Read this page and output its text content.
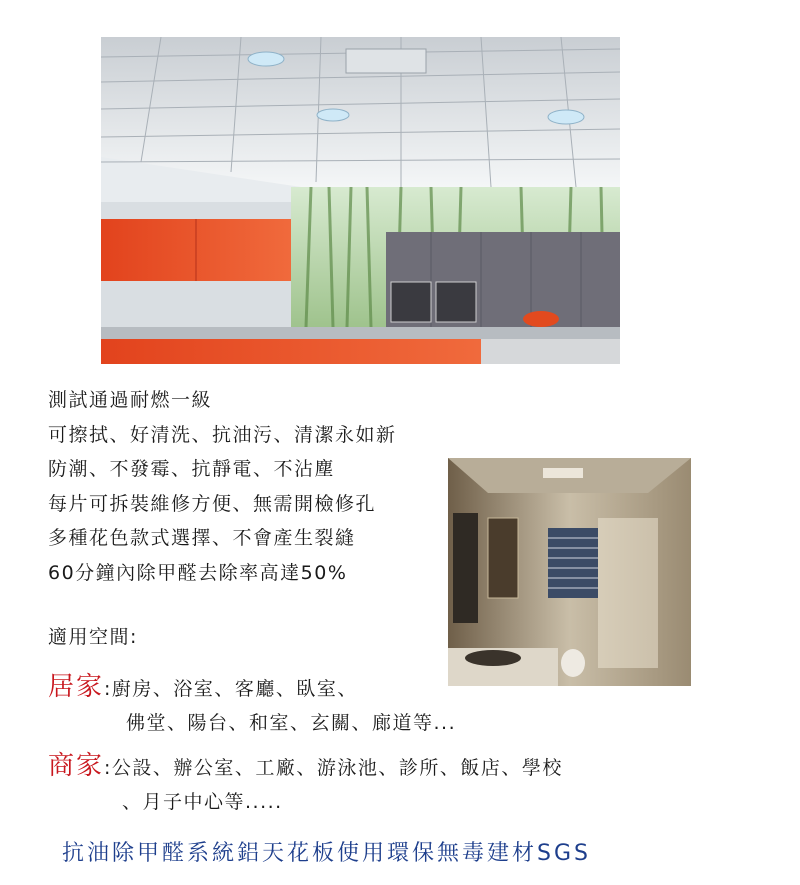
測試通過耐燃一級
可擦拭、好清洗、抗油污、清潔永如新
防潮、不發霉、抗靜電、不沾塵
每片可拆裝維修方便、無需開檢修孔
多種花色款式選擇、不會產生裂縫
60分鐘內除甲醛去除率高達50%
適用空間:
居家:廚房、浴室、客廳、臥室、
佛堂、陽台、和室、玄關、廊道等...
商家:公設、辦公室、工廠、游泳池、診所、飯店、學校
、月子中心等.....
抗油除甲醛系統鋁天花板使用環保無毒建材SGS
